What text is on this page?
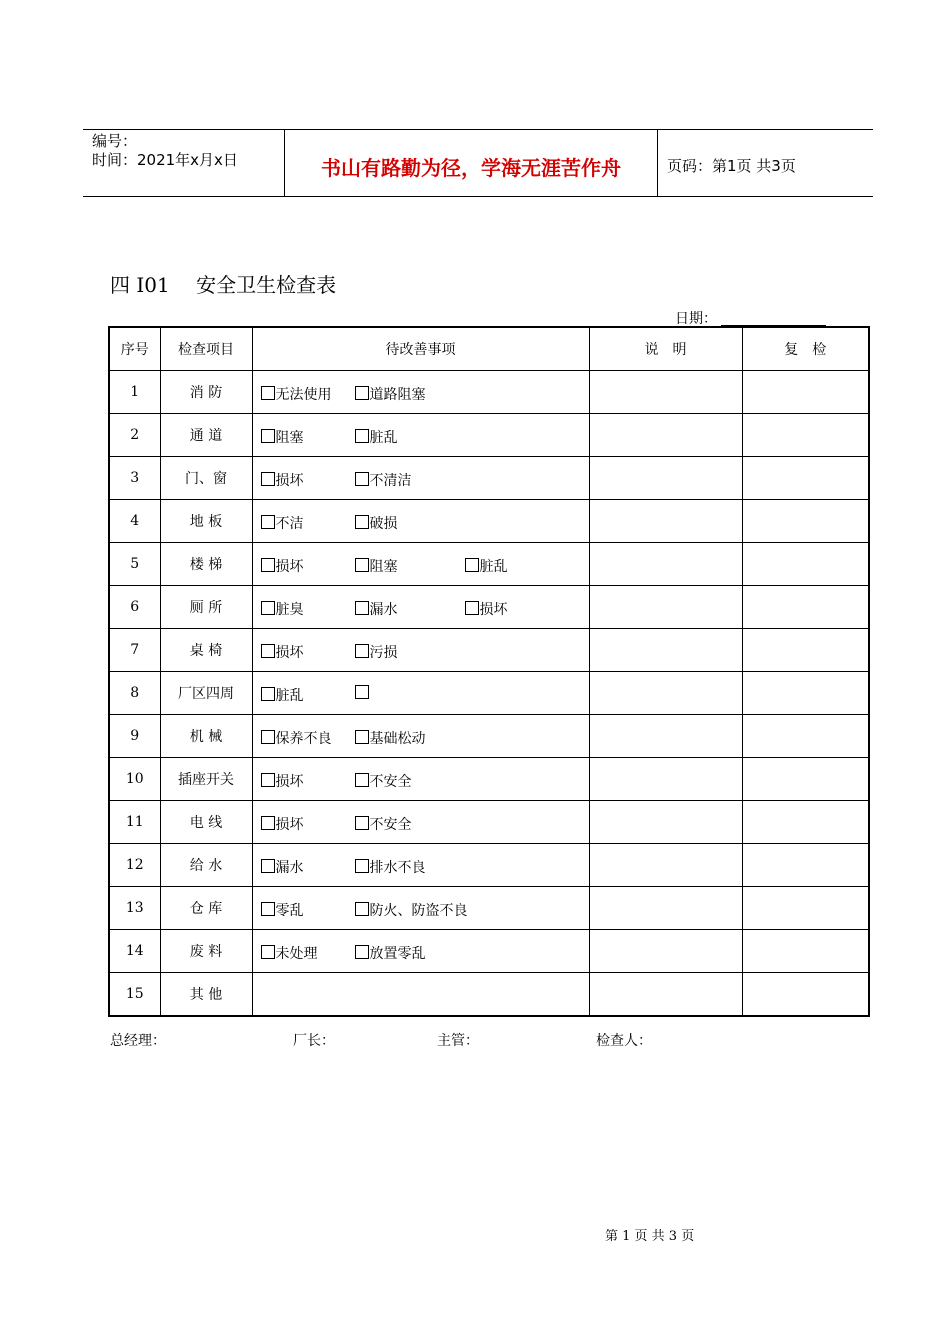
编号：
时间：2021年x月x日	书山有路勤为径，学海无涯苦作舟	页码：第1页 共3页
四 I01　 安全卫生检查表
日期：
序号	检查项目	待改善事项	说　明	复　检
1	消 防	无法使用 道路阻塞		

2	通 道	阻塞 脏乱		

3	门、窗	损坏 不清洁		

4	地 板	不洁 破损		

5	楼 梯	损坏 阻塞 脏乱		

6	厕 所	脏臭 漏水 损坏		

7	桌 椅	损坏 污损		

8	厂区四周	脏乱		

9	机 械	保养不良 基础松动		

10	插座开关	损坏 不安全		

11	电 线	损坏 不安全		

12	给 水	漏水 排水不良		

13	仓 库	零乱 防火、防盗不良		

14	废 料	未处理 放置零乱		

15	其 他			
总经理：	厂长：	主管：	检查人：
第 1 页 共 3 页
